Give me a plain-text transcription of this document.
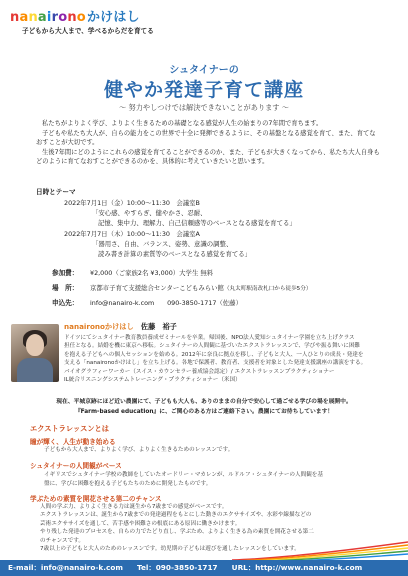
nanaironoかけはし
子どもから大人まで、学べるからだを育てる
シュタイナーの
健やか発達子育て講座
〜 努力やしつけでは解決できないことがあります 〜

私たちがよりよく学び、よりよく生きるための基礎となる感覚が人生の始まりの7年間で育ちます。

子どもや私たち大人が、自らの能力をこの世界で十全に発揮できるように、その基盤となる感覚を育て、また、育てなおすことが大切です。

生後7年間にどのようにこれらの感覚を育てることができるのか、また、子どもが大きくなってから、私たち大人自身もどのように育てなおすことができるのかを、具体的に考えていきたいと思います。

日時とテーマ
2022年7月1日（金）10:00〜11:30　会議室B
「安心感、やすらぎ、健やかさ、忍耐、
記憶、集中力、理解力、自己信頼感等のベースとなる感覚を育てる」
2022年7月7日（木）10:00〜11:30　会議室A
「器用さ、自由、バランス、姿勢、意識の調整、
読み書き計算の素質等のベースとなる感覚を育てる」
参加費： ¥2,000（ご家族2名 ¥3,000）大学生 無料
場　所： 京都市子育て支援総合センターこどもみらい館（丸太町駅南改札口から徒歩5分）
申込先： info@nanairo-k.com　　090-3850-1717（佐藤）
nanaironoかけはし　 佐藤　裕子
ドイツにてシュタイナー教育教員養成ゼミナールを卒業。帰国後、NPO法人愛知シュタイナー学園を立ち上げクラス
担任となる。結婚を機に東京へ移転。シュタイナーの人間観に基づいたエクストラレッスンで、学びや振る舞いに困難
を抱える子どもへの個人セッションを始める。2012年に奈良に拠点を移し、子どもと大人、一人ひとりの成長・発達を
支える「nanaironoかけはし」を立ち上げる。各地で保護者、教育者、支援者を対象とした発達支援講座の講演をする。
バイオグラフィーワーカー（スイス・カウンセラー養成協会認定）/ エクストラレッスンプラクティショナー
IL統合リスニングシステムトレーニング・プラクティショナー（米国）
現在、平城京跡にほど近い農園にて、子どもも大人も、ありのままの自分で安心して過ごせる学びの場を展開中。
『Farm-based education』に、ご関心のある方はご連絡下さい。農園にてお待ちしています！
エクストラレッスンとは
瞳が輝く、人生が動き始める
子どもから大人まで、よりよく学び、よりよく生きるためのレッスンです。
シュタイナーの人間観がベース
イギリスでシュタイナー学校の教師をしていたオードリー・マカレンが、ルドルフ・シュタイナーの人間観を基
盤に、学びに困難を抱える子どもたちのために開発したものです。
学ぶための素質を開花させる第二のチャンス
人間の学ぶ力、よりよく生きる力は誕生から7歳までの感覚がベースです。
エクストラレッスンは、誕生から7歳までの発達過程をもとにした動きのエクササイズや、水彩や線描などの
芸術エクササイズを通して、苦手感や困難さの根底にある原因に働きかけます。
やり残した発達のプロセスを、自らの力でたどり直し、学ぶため、よりよく生きる為の素質を開花させる第二
のチャンスです。
7歳以上の子どもと大人のためのレッスンです。幼児期の子どもは遊びを通したレッスンをしています。
E-mail：info@nanairo-k.com Tel：090-3850-1717 URL：http://www.nanairo-k.com
